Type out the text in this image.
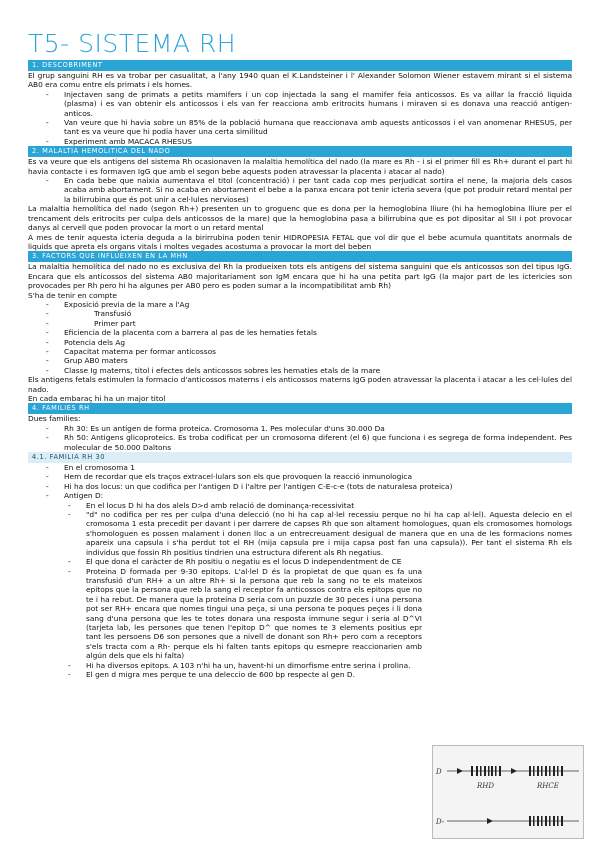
T5- SISTEMA RH
1. DESCOBRIMENT

El grup sanguini RH es va trobar per casualitat, a l'any 1940 quan el K.Landsteiner i l' Alexander Solomon Wiener estavem mirant si el sistema AB0 era comu entre els primats i els homes.

- Injectaven sang de primats a petits mamifers i un cop injectada la sang el mamifer feia anticossos. Es va aillar la fracció liquida (plasma) i es van obtenir els anticossos i els van fer reacciona amb eritrocits humans i miraven si es donava una reacció antigen-anticos.
- Van veure que hi havia sobre un 85% de la població humana que reaccionava amb aquests anticossos i el van anomenar RHESUS, per tant es va veure que hi podía haver una certa similitud
- Experiment amb MACACA RHESUS
2. MALALTIA HEMOLITICA DEL NADO

Es va veure que els antigens del sistema Rh ocasionaven la malaltia hemolítica del nado (la mare es Rh - i si el primer fill es Rh+ durant el part hi havia contacte i es formaven IgG que amb el segon bebe aquests poden atravessar la placenta i atacar al nado)

- En cada bebe que naixia aumentava el titol (concentració) i per tant cada cop mes perjudicat sortira el nene, la majoria dels casos acaba amb abortament. Si no acaba en abortament el bebe a la panxa encara pot tenir icteria severa (que pot produir retard mental per la bilirrubina que és pot unir a cel·lules nervioses)

La malaltia hemolítica del nado (segon Rh+) presenten un to groguenc que es dona per la hemoglobina lliure (hi ha hemoglobina lliure per el trencament dels eritrocits per culpa dels anticossos de la mare) que la hemoglobina pasa a bilirrubina que es pot dipositar al SII i pot provocar danys al cervell que poden provocar la mort o un retard mental

A mes de tenir aquesta icteria deguda a la birirrubina poden tenir HIDROPESIA FETAL que vol dir que el bebe acumula quantitats anormals de liquids que apreta els organs vitals i moltes vegades acostuma a provocar la mort del beben

3. FACTORS QUE INFLUEIXEN EN LA MHN

La malaltia hemolítica del nado no es exclusiva del Rh la produeixen tots els antigens del sistema sanguini que els anticossos son del tipus IgG. Encara que els anticossos del sistema AB0 majoritariament son IgM encara que hi ha una petita part IgG (la major part de les ictericies son provocades per Rh pero hi ha algunes per AB0 pero es poden sumar a la incompatibilitat amb Rh)

S'ha de tenir en compte

- Exposició previa de la mare a l'Ag
- Transfusió
- Primer part
- Eficiencia de la placenta com a barrera al pas de les hematies fetals
- Potencia dels Ag
- Capacitat materna per formar anticossos
- Grup AB0 maters
- Classe Ig materns, titol i efectes dels anticossos sobres les hematies etals de la mare

Els antigens fetals estimulen la formacio d'anticossos materns i els anticossos materns IgG poden atravessar la placenta i atacar a les cel·lules del nado.

En cada embaraç hi ha un major titol

4. FAMILIES RH

Dues families:

- Rh 30: Es un antígen de forma proteica. Cromosoma 1. Pes molecular d'uns 30.000 Da
- Rh 50: Antigens glicoproteics. Es troba codificat per un cromosoma diferent (el 6) que funciona i es segrega de forma independent. Pes molecular de 50.000 Daltons
4.1. FAMILIA RH 30
- En el cromosoma 1
- Hem de recordar que els traços extracel·lulars son els que provoquen la reacció inmunologica
- Hi ha dos locus: un que codifica per l'antigen D i l'altre per l'antigen C-E-c-e (tots de naturalesa proteica)
- Antigen D:
- En el locus D hi ha dos alels D>d amb relació de dominança-recessivitat
- "d" no codifica per res per culpa d'una delecció (no hi ha cap al·lel recessiu perque no hi ha cap al·lel). Aquesta delecio en el cromosoma 1 esta precedit per davant i per darrere de capses Rh que son altament homologues, quan els cromosomes homologs s'homologuen es possen malament i donen lloc a un entrecreuament desigual de manera que en una de les formacions nomes apareix una capsula i s'ha perdut tot el RH (mija capsula pre i mija capsa post fan una capsula)). Per tant el sistema Rh els individus que fossin Rh positius tindrien una estructura diferent als Rh negatius.
- El que dona el caràcter de Rh positiu o negatiu es el locus D independentment de CE
- Proteina D formada per 9-30 epitops. L'al·lel D és la propietat de que quan es fa una transfusió d'un RH+ a un altre Rh+ si la persona que reb la sang no te els mateixos epitops que la persona que reb la sang el receptor fa anticossos contra els epitops que no te i ha rebut. De manera que la proteina D seria com un puzzle de 30 peces i una persona pot ser RH+ encara que nomes tingui una peça, si una persona te poques peçes i li dona sang d'una persona que les te totes donara una resposta immune segur i seria al D^VI (tarjeta lab, les persones que tenen l'epitop D^ que nomes te 3 elements positius epr tant les persoens D6 son persones que a nivell de donant son Rh+ pero com a receptors s'els tracta com a Rh- perque els hi falten tants epitops qu esmepre reaccionarien amb algún dels que els hi falta)
- Hi ha diversos epitops. A 103 n'hi ha un, havent-hi un dimorfisme entre serina i prolina.
- El gen d migra mes perque te una deleccio de 600 bp respecte al gen D.
D
D-
RHD	RHCE
